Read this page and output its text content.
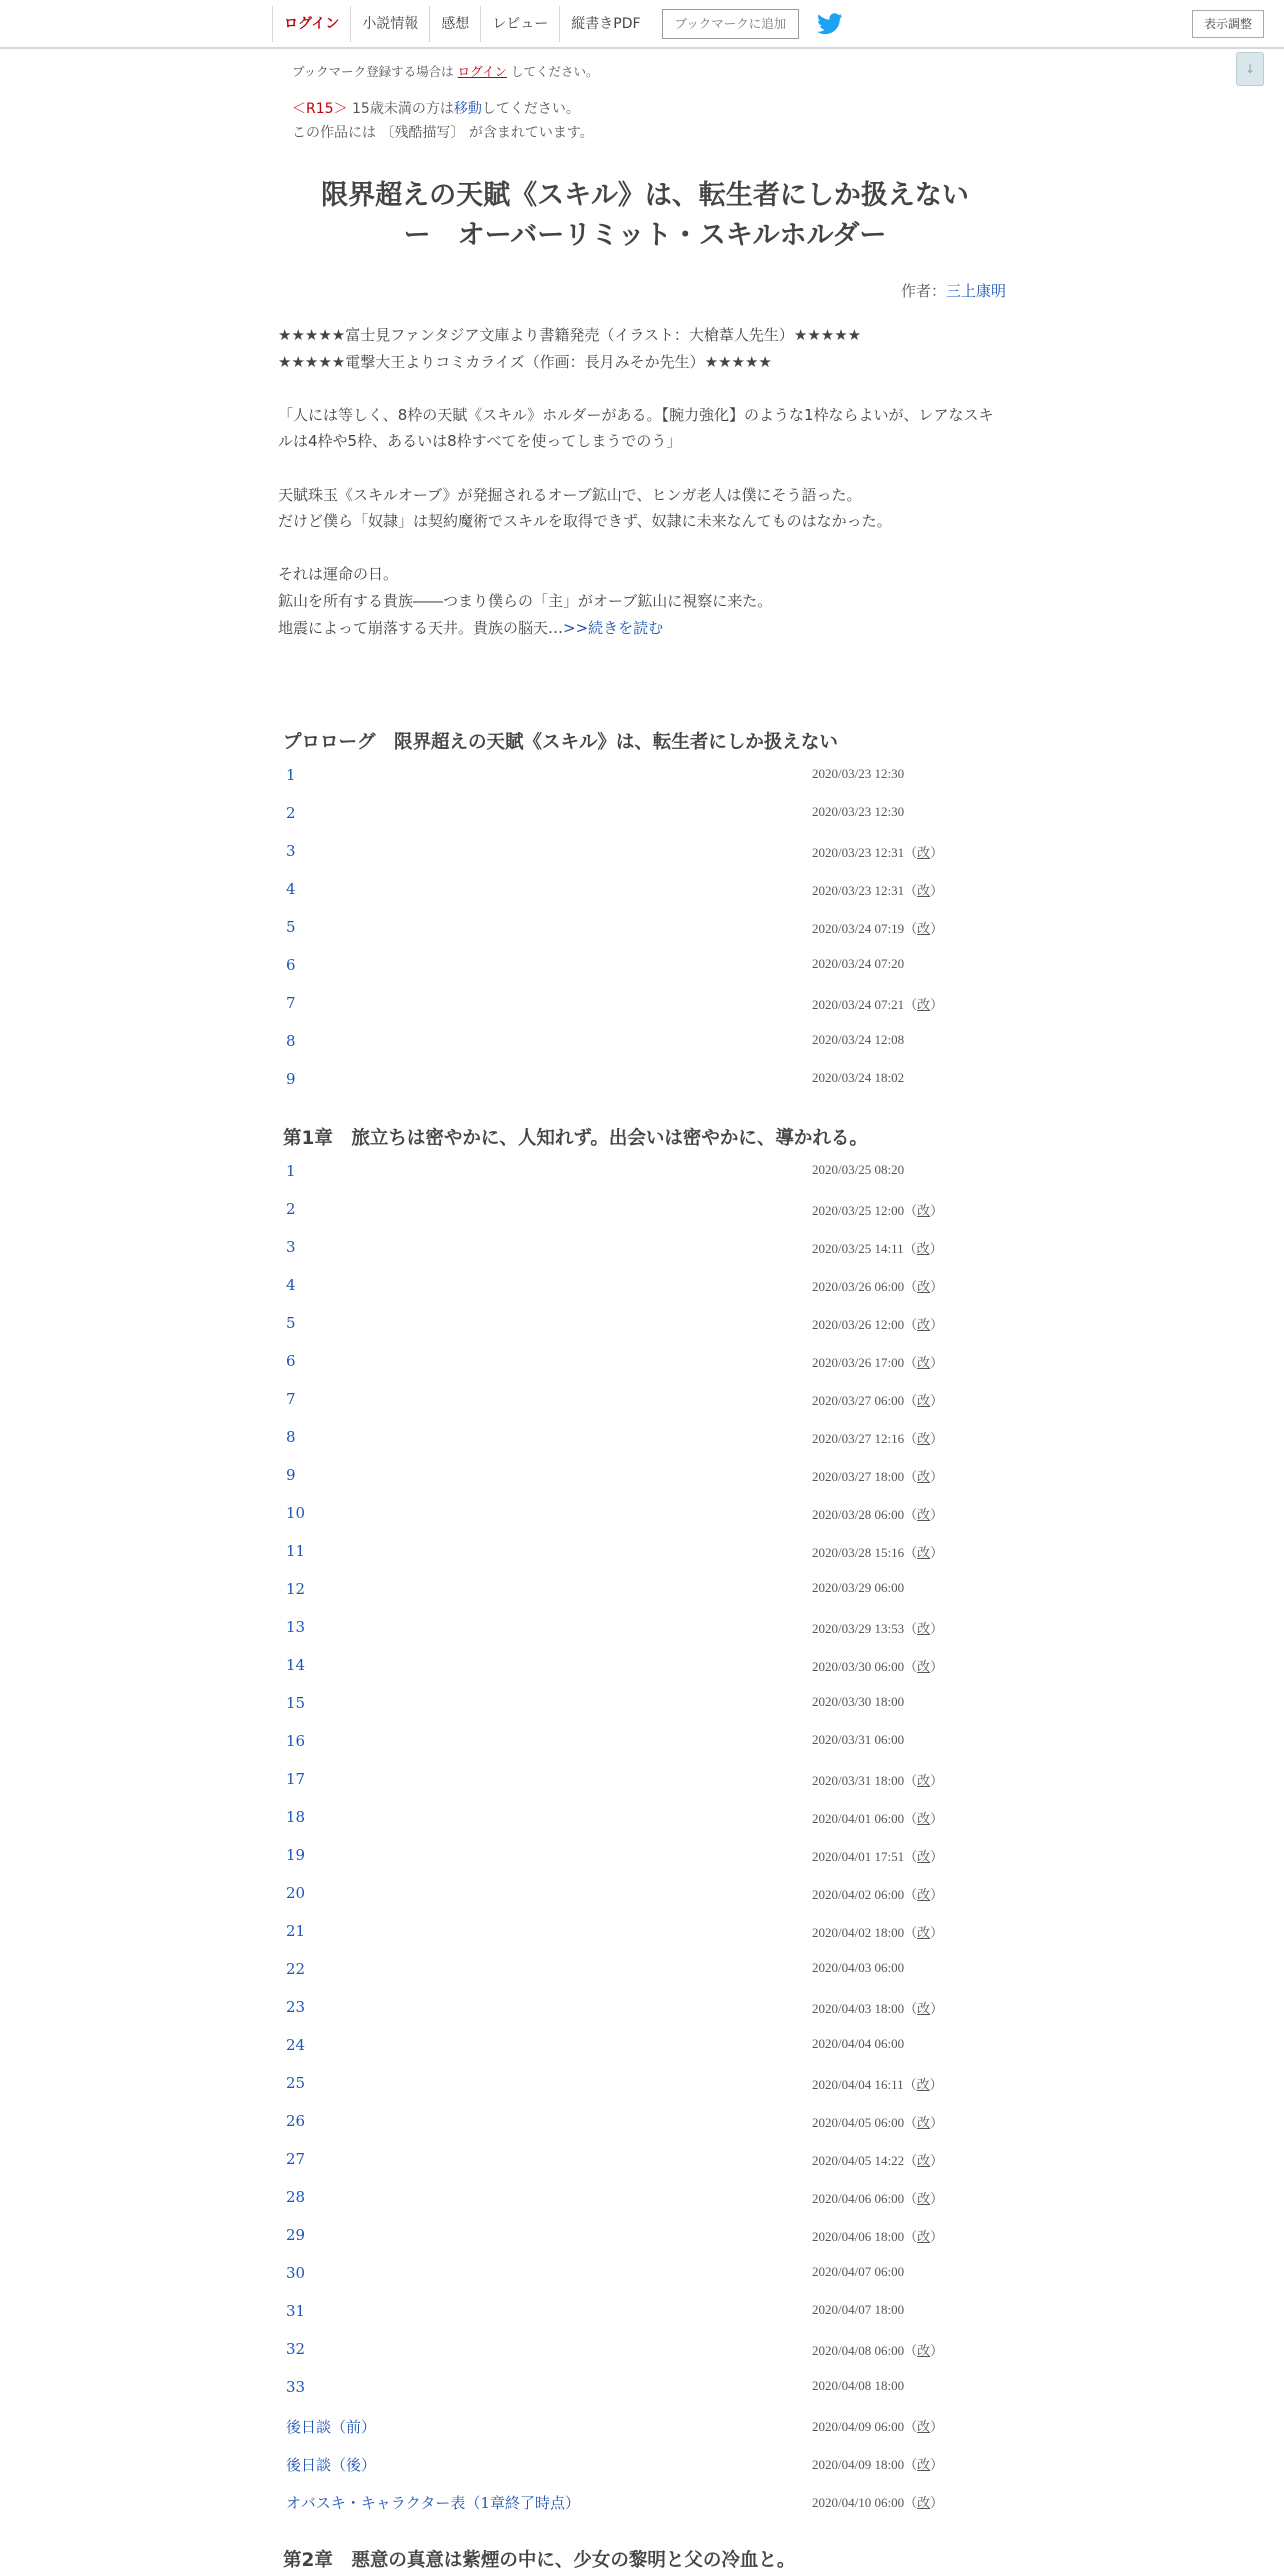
ログイン	小説情報	感想	レビュー	縦書きPDF	ブックマークに追加	表示調整
↓
ブックマーク登録する場合は ログイン してください。
＜R15＞ 15歳未満の方は移動してください。
この作品には 〔残酷描写〕 が含まれています。
限界超えの天賦《スキル》は、転生者にしか扱えない
ー　オーバーリミット・スキルホルダー
作者：三上康明
★★★★★富士見ファンタジア文庫より書籍発売（イラスト：大槍葦人先生）★★★★★
★★★★★電撃大王よりコミカライズ（作画：長月みそか先生）★★★★★
「人には等しく、8枠の天賦《スキル》ホルダーがある。【腕力強化】のような1枠ならよいが、レアなスキ
ルは4枠や5枠、あるいは8枠すべてを使ってしまうでのう」
天賦珠玉《スキルオーブ》が発掘されるオーブ鉱山で、ヒンガ老人は僕にそう語った。
だけど僕ら「奴隷」は契約魔術でスキルを取得できず、奴隷に未来なんてものはなかった。
それは運命の日。
鉱山を所有する貴族――つまり僕らの「主」がオーブ鉱山に視察に来た。
地震によって崩落する天井。貴族の脳天…>>続きを読む
プロローグ　限界超えの天賦《スキル》は、転生者にしか扱えない
1	2020/03/23 12:30
2	2020/03/23 12:30
3	2020/03/23 12:31（改）
4	2020/03/23 12:31（改）
5	2020/03/24 07:19（改）
6	2020/03/24 07:20
7	2020/03/24 07:21（改）
8	2020/03/24 12:08
9	2020/03/24 18:02
第1章　旅立ちは密やかに、人知れず。出会いは密やかに、導かれる。
1	2020/03/25 08:20
2	2020/03/25 12:00（改）
3	2020/03/25 14:11（改）
4	2020/03/26 06:00（改）
5	2020/03/26 12:00（改）
6	2020/03/26 17:00（改）
7	2020/03/27 06:00（改）
8	2020/03/27 12:16（改）
9	2020/03/27 18:00（改）
10	2020/03/28 06:00（改）
11	2020/03/28 15:16（改）
12	2020/03/29 06:00
13	2020/03/29 13:53（改）
14	2020/03/30 06:00（改）
15	2020/03/30 18:00
16	2020/03/31 06:00
17	2020/03/31 18:00（改）
18	2020/04/01 06:00（改）
19	2020/04/01 17:51（改）
20	2020/04/02 06:00（改）
21	2020/04/02 18:00（改）
22	2020/04/03 06:00
23	2020/04/03 18:00（改）
24	2020/04/04 06:00
25	2020/04/04 16:11（改）
26	2020/04/05 06:00（改）
27	2020/04/05 14:22（改）
28	2020/04/06 06:00（改）
29	2020/04/06 18:00（改）
30	2020/04/07 06:00
31	2020/04/07 18:00
32	2020/04/08 06:00（改）
33	2020/04/08 18:00
後日談（前）	2020/04/09 06:00（改）
後日談（後）	2020/04/09 18:00（改）
オバスキ・キャラクター表（1章終了時点）	2020/04/10 06:00（改）
第2章　悪意の真意は紫煙の中に、少女の黎明と父の冷血と。
